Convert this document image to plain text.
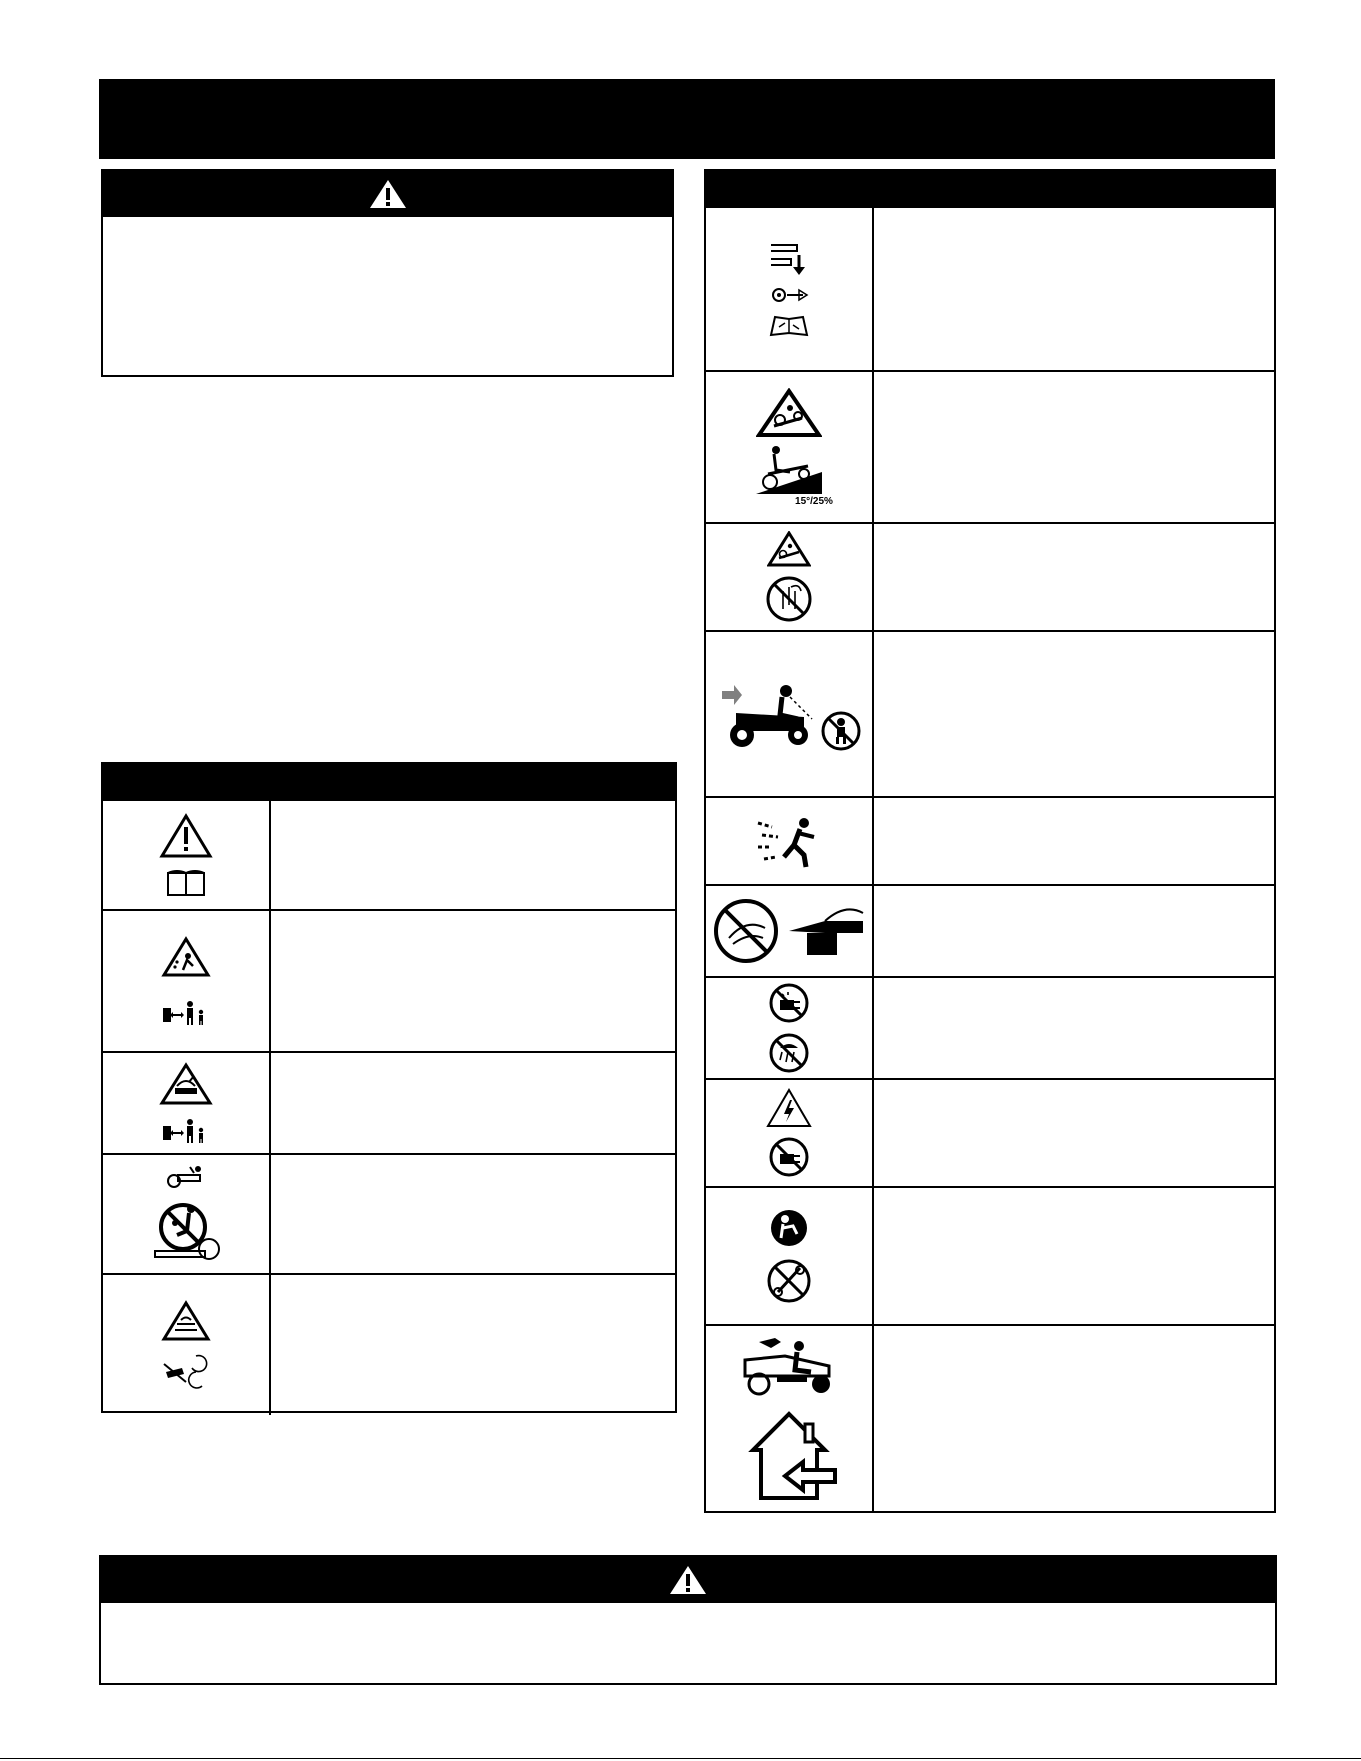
15°/25%
